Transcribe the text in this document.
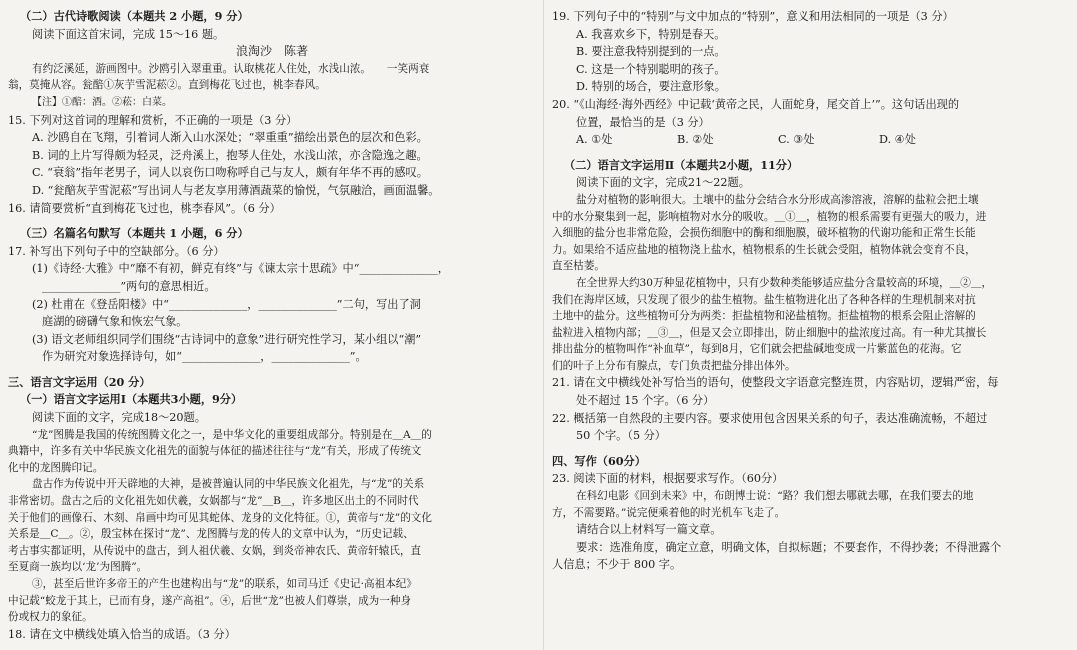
（二）古代诗歌阅读（本题共 2 小题，9 分）

阅读下面这首宋词，完成 15～16 题。

浪淘沙　陈著

有约泛溪延，游画图中。沙鸥引入翠重重。认取桃花人住处，水浅山浓。　　一笑两衰

翁，莫掩从容。瓮醅①灰芋雪泥菘②。直到梅花飞过也，桃李春风。

【注】①醅：酒。②菘：白菜。

15. 下列对这首词的理解和赏析，不正确的一项是（3 分）

A. 沙鸥自在飞翔，引着词人渐入山水深处；“翠重重”描绘出景色的层次和色彩。

B. 词的上片写得颇为轻灵，泛舟溪上，抱琴人住处，水浅山浓，亦含隐逸之趣。

C. “衰翁”指年老男子，词人以哀伤口吻称呼自己与友人，颇有年华不再的感叹。

D. “瓮醅灰芋雪泥菘”写出词人与老友享用薄酒蔬菜的愉悦，气氛融洽，画面温馨。

16. 请简要赏析“直到梅花飞过也，桃李春风”。（6 分）

（三）名篇名句默写（本题共 1 小题，6 分）

17. 补写出下列句子中的空缺部分。（6 分）

(1)《诗经·大雅》中“靡不有初，鲜克有终”与《谏太宗十思疏》中“______________，

______________”两句的意思相近。

(2) 杜甫在《登岳阳楼》中“______________，______________”二句，写出了洞

庭湖的磅礴气象和恢宏气象。

(3) 语文老师组织同学们围绕“古诗词中的意象”进行研究性学习，某小组以“潮”

作为研究对象选择诗句，如“______________，______________”。

三、语言文字运用（20 分）

（一）语言文字运用Ⅰ（本题共3小题，9分）

阅读下面的文字，完成18～20题。

“龙”图腾是我国的传统图腾文化之一，是中华文化的重要组成部分。特别是在＿A＿的

典籍中，许多有关中华民族文化祖先的面貌与体征的描述往往与“龙”有关，形成了传统文

化中的龙图腾印记。

盘古作为传说中开天辟地的大神，是被普遍认同的中华民族文化祖先，与“龙”的关系

非常密切。盘古之后的文化祖先如伏羲，女娲都与“龙”＿B＿，许多地区出土的不同时代

关于他们的画像石、木刻、帛画中均可见其蛇体、龙身的文化特征。①，黄帝与“龙”的文化

关系是＿C＿。②，殷宝林在探讨“龙”、龙图腾与龙的传人的文章中认为，“历史记载、

考古事实都证明，从传说中的盘古，到人祖伏羲、女娲，到炎帝神农氏、黄帝轩辕氏，直

至夏商一族均以‘龙’为图腾”。

③，甚至后世许多帝王的产生也建构出与“龙”的联系，如司马迁《史记·高祖本纪》

中记载“蛟龙于其上，已而有身，遂产高祖”。④，后世“龙”也被人们尊崇，成为一种身

份或权力的象征。

18. 请在文中横线处填入恰当的成语。（3 分）

19. 下列句子中的“特别”与文中加点的“特别”，意义和用法相同的一项是（3 分）

A. 我喜欢乡下，特别是春天。

B. 要注意我特别提到的一点。

C. 这是一个特别聪明的孩子。

D. 特别的场合，要注意形象。

20. “《山海经·海外西经》中记载‘黄帝之民，人面蛇身，尾交首上’”。这句话出现的

位置，最恰当的是（3 分）

A. ①处	B. ②处	C. ③处	D. ④处

（二）语言文字运用Ⅱ（本题共2小题，11分）

阅读下面的文字，完成21～22题。

盐分对植物的影响很大。土壤中的盐分会结合水分形成高渗溶液，溶解的盐粒会把土壤

中的水分聚集到一起，影响植物对水分的吸收。＿①＿，植物的根系需要有更强大的吸力，进

入细胞的盐分也非常危险，会损伤细胞中的酶和细胞膜，破坏植物的代谢功能和正常生长能

力。如果给不适应盐地的植物浇上盐水，植物根系的生长就会受阻，植物体就会变育不良，

直至枯萎。

在全世界大约30万种显花植物中，只有少数种类能够适应盐分含量较高的环境，＿②＿，

我们在海岸区域，只发现了很少的盐生植物。盐生植物进化出了各种各样的生理机制来对抗

土地中的盐分。这些植物可分为两类：拒盐植物和泌盐植物。拒盐植物的根系会阻止溶解的

盐粒进入植物内部；＿③＿，但是又会立即排出，防止细胞中的盐浓度过高。有一种尤其擅长

排出盐分的植物叫作“补血草”，每到8月，它们就会把盐碱地变成一片紫蓝色的花海。它

们的叶子上分布有腺点，专门负责把盐分排出体外。

21. 请在文中横线处补写恰当的语句，使整段文字语意完整连贯，内容贴切，逻辑严密，每

处不超过 15 个字。（6 分）

22. 概括第一自然段的主要内容。要求使用包含因果关系的句子，表达准确流畅，不超过

50 个字。（5 分）

四、写作（60分）

23. 阅读下面的材料，根据要求写作。（60分）

在科幻电影《回到未来》中，布朗博士说：“路？我们想去哪就去哪，在我们要去的地

方，不需要路。”说完便乘着他的时光机车飞走了。

请结合以上材料写一篇文章。

要求：选准角度，确定立意，明确文体，自拟标题；不要套作，不得抄袭；不得泄露个

人信息；不少于 800 字。
